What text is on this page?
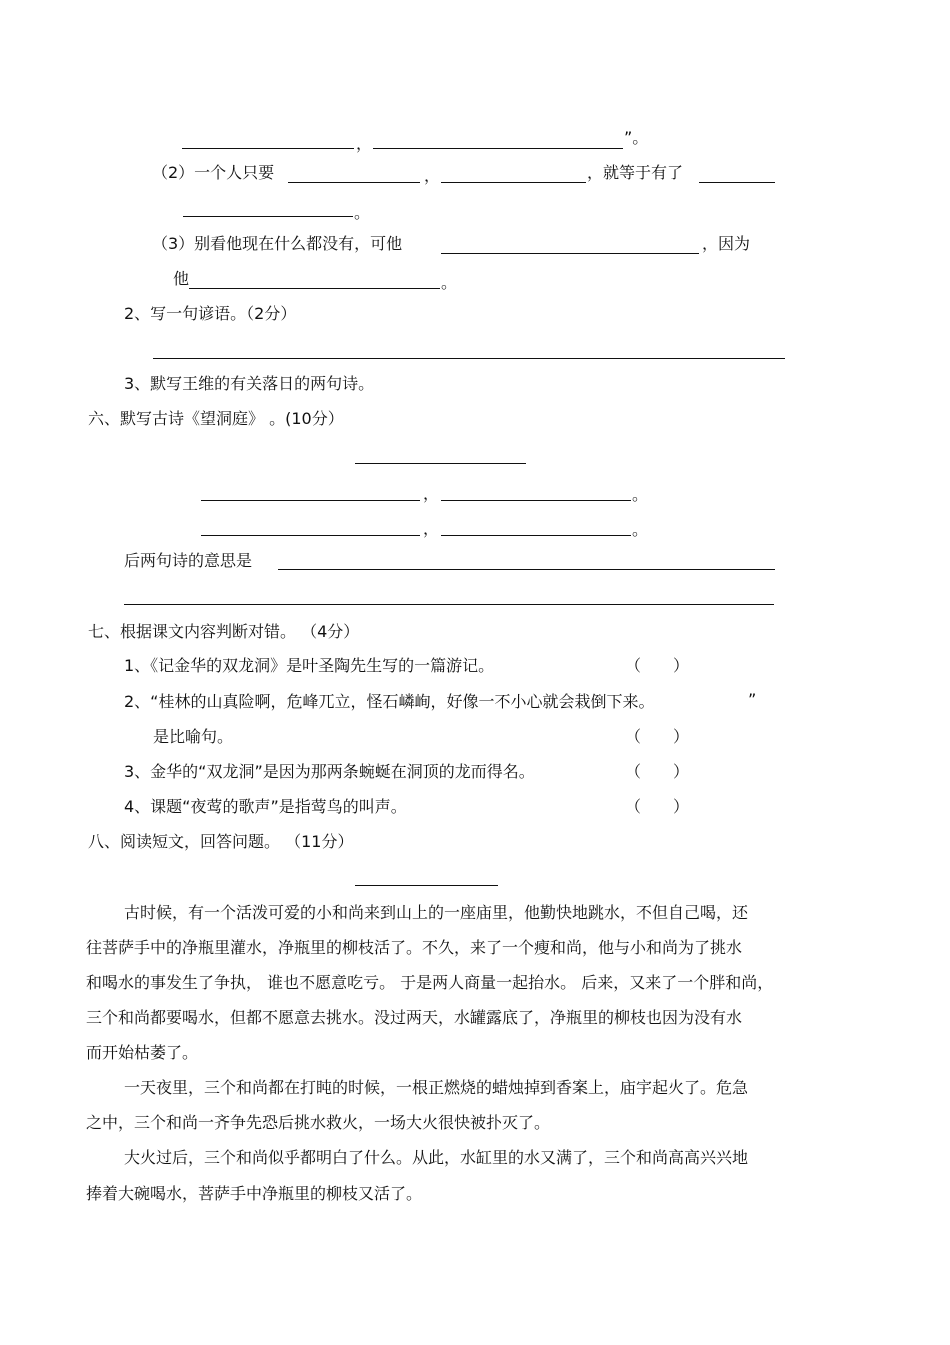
，	”。
（2）一个人只要	，	，就等于有了
。
（3）别看他现在什么都没有，可他	，因为
他	。
2、写一句谚语。（2分）
3、默写王维的有关落日的两句诗。
六、默写古诗《望洞庭》 。(10分）
，	。
，	。
后两句诗的意思是
七、根据课文内容判断对错。 （4分）
1、《记金华的双龙洞》是叶圣陶先生写的一篇游记。	（　　）
2、“桂林的山真险啊，危峰兀立，怪石嶙峋，好像一不小心就会栽倒下来。	”
是比喻句。	（　　）
3、金华的“双龙洞”是因为那两条蜿蜒在洞顶的龙而得名。	（　　）
4、课题“夜莺的歌声”是指莺鸟的叫声。	（　　）
八、阅读短文，回答问题。 （11分）
古时候，有一个活泼可爱的小和尚来到山上的一座庙里，他勤快地跳水，不但自己喝，还
往菩萨手中的净瓶里灌水，净瓶里的柳枝活了。不久，来了一个瘦和尚，他与小和尚为了挑水
和喝水的事发生了争执， 谁也不愿意吃亏。 于是两人商量一起抬水。 后来，又来了一个胖和尚，
三个和尚都要喝水，但都不愿意去挑水。没过两天，水罐露底了，净瓶里的柳枝也因为没有水
而开始枯萎了。
一天夜里，三个和尚都在打盹的时候，一根正燃烧的蜡烛掉到香案上，庙宇起火了。危急
之中，三个和尚一齐争先恐后挑水救火，一场大火很快被扑灭了。
大火过后，三个和尚似乎都明白了什么。从此，水缸里的水又满了，三个和尚高高兴兴地
捧着大碗喝水，菩萨手中净瓶里的柳枝又活了。
